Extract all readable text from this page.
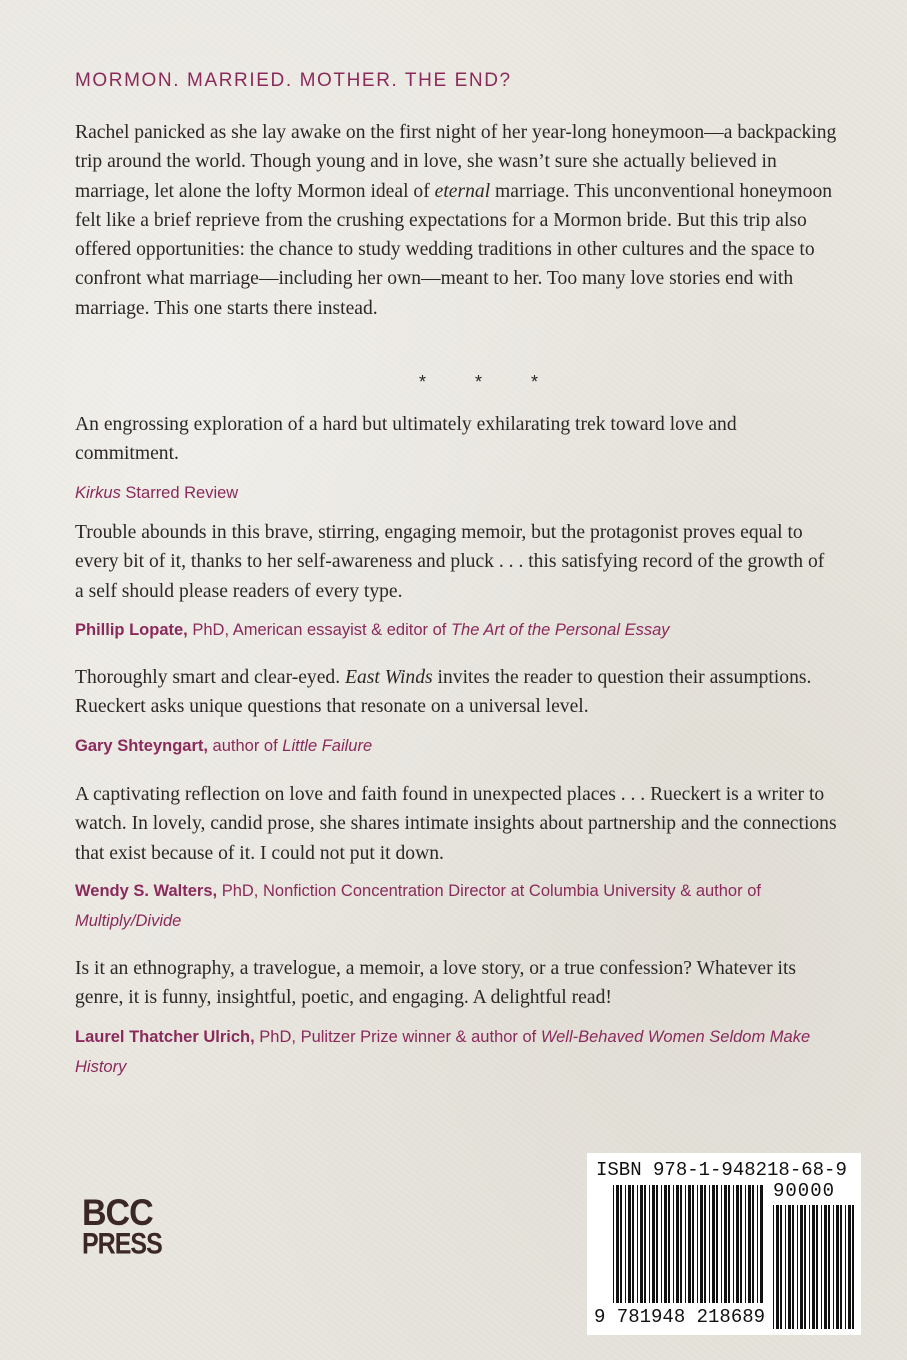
MORMON. MARRIED. MOTHER. THE END?

Rachel panicked as she lay awake on the first night of her year-long honeymoon—a backpacking trip around the world. Though young and in love, she wasn’t sure she actually believed in marriage, let alone the lofty Mormon ideal of eternal marriage. This unconventional honeymoon felt like a brief reprieve from the crushing expectations for a Mormon bride. But this trip also offered opportunities: the chance to study wedding traditions in other cultures and the space to confront what marriage—including her own—meant to her. Too many love stories end with marriage. This one starts there instead.

* * *

An engrossing exploration of a hard but ultimately exhilarating trek toward love and commitment.

Kirkus Starred Review

Trouble abounds in this brave, stirring, engaging memoir, but the protagonist proves equal to every bit of it, thanks to her self-awareness and pluck . . . this satisfying record of the growth of a self should please readers of every type.

Phillip Lopate, PhD, American essayist & editor of The Art of the Personal Essay

Thoroughly smart and clear-eyed. East Winds invites the reader to question their assumptions. Rueckert asks unique questions that resonate on a universal level.

Gary Shteyngart, author of Little Failure

A captivating reflection on love and faith found in unexpected places . . . Rueckert is a writer to watch. In lovely, candid prose, she shares intimate insights about partnership and the connections that exist because of it. I could not put it down.

Wendy S. Walters, PhD, Nonfiction Concentration Director at Columbia University & author of Multiply/Divide

Is it an ethnography, a travelogue, a memoir, a love story, or a true confession? Whatever its genre, it is funny, insightful, poetic, and engaging. A delightful read!

Laurel Thatcher Ulrich, PhD, Pulitzer Prize winner & author of Well-Behaved Women Seldom Make History

BCC
PRESS
ISBN 978-1-948218-68-9
90000
9 781948 218689
